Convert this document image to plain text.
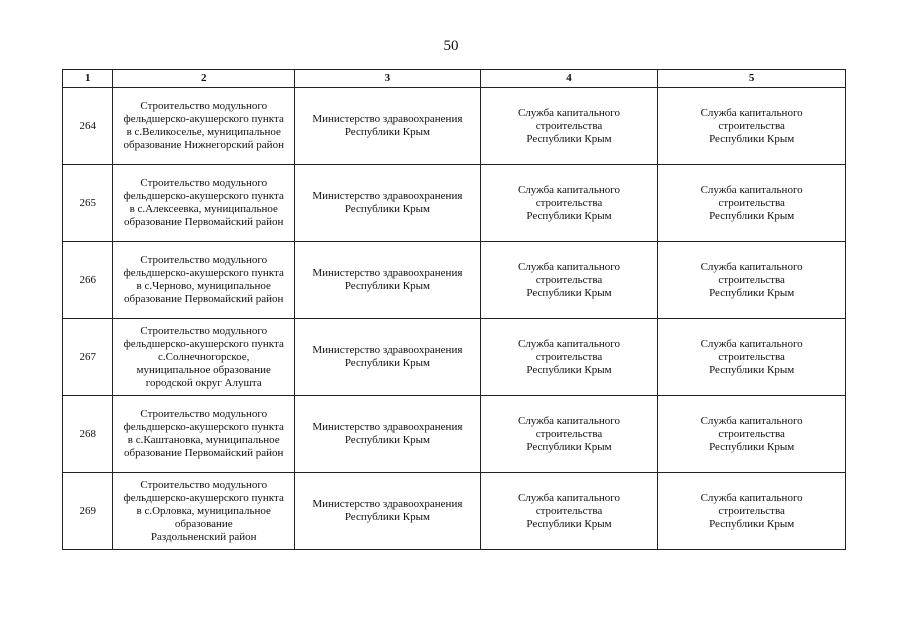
50
1	2	3	4	5

264	Строительство модульного
фельдшерско-акушерского пункта
в с.Великоселье, муниципальное
образование Нижнегорский район	Министерство здравоохранения
Республики Крым	Служба капитального
строительства
Республики Крым	Служба капитального
строительства
Республики Крым

265	Строительство модульного
фельдшерско-акушерского пункта
в с.Алексеевка, муниципальное
образование Первомайский район	Министерство здравоохранения
Республики Крым	Служба капитального
строительства
Республики Крым	Служба капитального
строительства
Республики Крым

266	Строительство модульного
фельдшерско-акушерского пункта
в с.Черново, муниципальное
образование Первомайский район	Министерство здравоохранения
Республики Крым	Служба капитального
строительства
Республики Крым	Служба капитального
строительства
Республики Крым

267	Строительство модульного
фельдшерско-акушерского пункта
с.Солнечногорское,
муниципальное образование
городской округ Алушта	Министерство здравоохранения
Республики Крым	Служба капитального
строительства
Республики Крым	Служба капитального
строительства
Республики Крым

268	Строительство модульного
фельдшерско-акушерского пункта
в с.Каштановка, муниципальное
образование Первомайский район	Министерство здравоохранения
Республики Крым	Служба капитального
строительства
Республики Крым	Служба капитального
строительства
Республики Крым

269	Строительство модульного
фельдшерско-акушерского пункта
в с.Орловка, муниципальное
образование
Раздольненский район	Министерство здравоохранения
Республики Крым	Служба капитального
строительства
Республики Крым	Служба капитального
строительства
Республики Крым
